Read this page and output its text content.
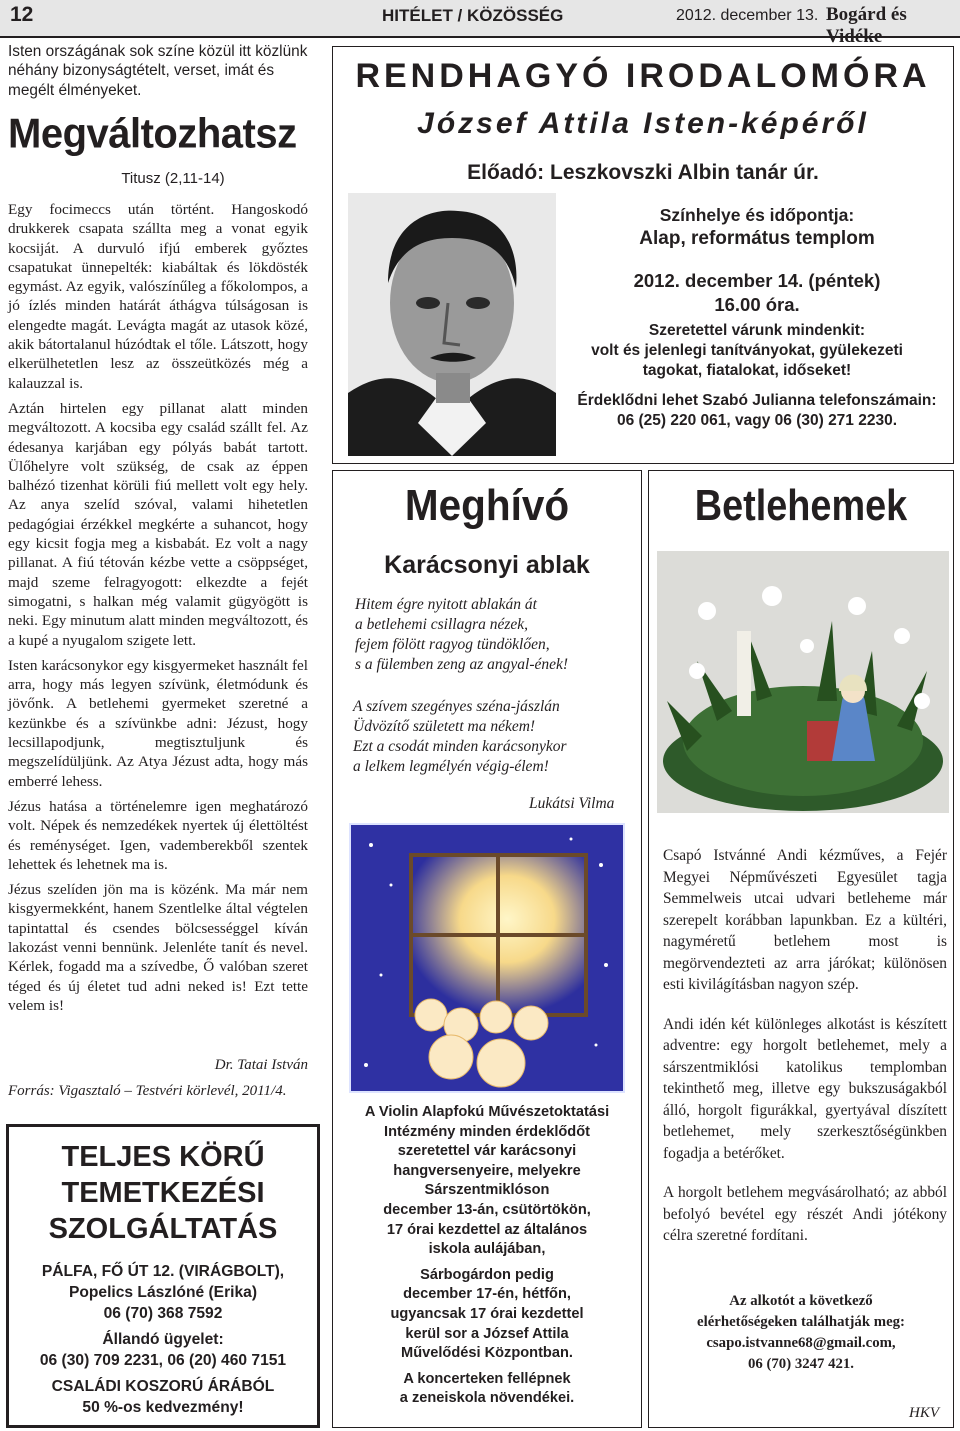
12	HITÉLET / KÖZÖSSÉG	2012. december 13. Bogárd és Vidéke
Isten országának sok színe közül itt közlünk néhány bizonyságtételt, verset, imát és megélt élményeket.
Megváltozhatsz
Titusz (2,11-14)

Egy focimeccs után történt. Hangoskodó drukkerek csapata szállta meg a vonat egyik kocsiját. A durvuló ifjú emberek győztes csapatukat ünnepelték: kiabáltak és lökdösték egymást. Az egyik, valószínűleg a főkolompos, a jó ízlés minden határát áthágva túlságosan is elengedte magát. Levágta magát az utasok közé, akik bátortalanul húzódtak el tőle. Látszott, hogy elkerülhetetlen lesz az összeütközés még a kalauzzal is.

Aztán hirtelen egy pillanat alatt minden megváltozott. A kocsiba egy család szállt fel. Az édesanya karjában egy pólyás babát tartott. Ülőhelyre volt szükség, de csak az éppen balhézó tizenhat körüli fiú mellett volt egy hely. Az anya szelíd szóval, valami hihetetlen pedagógiai érzékkel megkérte a suhancot, hogy egy kicsit fogja meg a kisbabát. Ez volt a nagy pillanat. A fiú tétován kézbe vette a csöppséget, majd szeme felragyogott: elkezdte a fejét simogatni, s halkan még valamit gügyögött is neki. Egy minutum alatt minden megváltozott, és a kupé a nyugalom szigete lett.

Isten karácsonykor egy kisgyermeket használt fel arra, hogy más legyen szívünk, életmódunk és jövőnk. A betlehemi gyermeket szeretné a kezünkbe és a szívünkbe adni: Jézust, hogy lecsillapodjunk, megtisztuljunk és megszelídüljünk. Az Atya Jézust adta, hogy más emberré lehess.

Jézus hatása a történelemre igen meghatározó volt. Népek és nemzedékek nyertek új élettöltést és reménységet. Igen, vademberekből szentek lehettek és lehetnek ma is.

Jézus szelíden jön ma is közénk. Ma már nem kisgyermekként, hanem Szentlelke által végtelen tapintattal és csendes bölcsességgel kíván lakozást venni bennünk. Jelenléte tanít és nevel. Kérlek, fogadd ma a szívedbe, Ő valóban szeret téged és új életet tud adni neked is! Ezt tette velem is!

Dr. Tatai István
Forrás: Vigasztaló – Testvéri körlevél, 2011/4.
TELJES KÖRŰ
TEMETKEZÉSI
SZOLGÁLTATÁS
PÁLFA, FŐ ÚT 12. (VIRÁGBOLT),
Popelics Lászlóné (Erika)
06 (70) 368 7592
Állandó ügyelet:
06 (30) 709 2231, 06 (20) 460 7151
CSALÁDI KOSZORÚ ÁRÁBÓL
50 %-os kedvezmény!
RENDHAGYÓ IRODALOMÓRA
József Attila Isten-képéről
Előadó: Leszkovszki Albin tanár úr.
Színhelye és időpontja:
Alap, református templom
2012. december 14. (péntek)
16.00 óra.
Szeretettel várunk mindenkit:
volt és jelenlegi tanítványokat, gyülekezeti tagokat, fiatalokat, időseket!
Érdeklődni lehet Szabó Julianna telefonszámain:
06 (25) 220 061, vagy 06 (30) 271 2230.
Meghívó
Karácsonyi ablak
Hitem égre nyitott ablakán át
a betlehemi csillagra nézek,
fejem fölött ragyog tündöklően,
s a fülemben zeng az angyal-ének!
A szívem szegényes széna-jászlán
Üdvözítő született ma nékem!
Ezt a csodát minden karácsonykor
a lelkem legmélyén végig-élem!
Lukátsi Vilma
A Violin Alapfokú Művészetoktatási
Intézmény minden érdeklődőt
szeretettel vár karácsonyi
hangversenyeire, melyekre
Sárszentmiklóson
december 13-án, csütörtökön,
17 órai kezdettel az általános
iskola aulájában,
Sárbogárdon pedig
december 17-én, hétfőn,
ugyancsak 17 órai kezdettel
kerül sor a József Attila
Művelődési Központban.
A koncerteken fellépnek
a zeneiskola növendékei.
Betlehemek

Csapó Istvánné Andi kézműves, a Fejér Megyei Népművészeti Egyesület tagja Semmelweis utcai udvari betleheme már szerepelt korábban lapunkban. Ez a kültéri, nagyméretű betlehem most is megörvendezteti az arra járókat; különösen esti kivilágításban nagyon szép.

Andi idén két különleges alkotást is készített adventre: egy horgolt betlehemet, mely a sárszentmiklósi katolikus templomban tekinthető meg, illetve egy bukszuságakból álló, horgolt figurákkal, gyertyával díszített betlehemet, mely szerkesztőségünkben fogadja a betérőket.

A horgolt betlehem megvásárolható; az abból befolyó bevétel egy részét Andi jótékony célra szeretné fordítani.

Az alkotót a következő
elérhetőségeken találhatják meg:
csapo.istvanne68@gmail.com,
06 (70) 3247 421.
HKV
